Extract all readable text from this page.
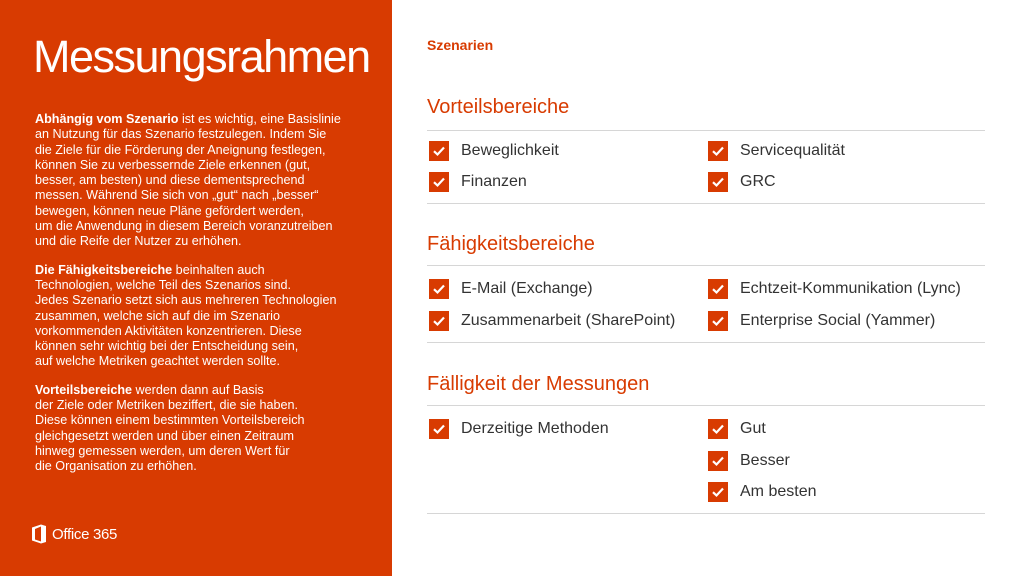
Messungsrahmen

Abhängig vom Szenario ist es wichtig, eine Basislinie
an Nutzung für das Szenario festzulegen. Indem Sie
die Ziele für die Förderung der Aneignung festlegen,
können Sie zu verbessernde Ziele erkennen (gut,
besser, am besten) und diese dementsprechend
messen. Während Sie sich von „gut“ nach „besser“
bewegen, können neue Pläne gefördert werden,
um die Anwendung in diesem Bereich voranzutreiben
und die Reife der Nutzer zu erhöhen.

Die Fähigkeitsbereiche beinhalten auch
Technologien, welche Teil des Szenarios sind.
Jedes Szenario setzt sich aus mehreren Technologien
zusammen, welche sich auf die im Szenario
vorkommenden Aktivitäten konzentrieren. Diese
können sehr wichtig bei der Entscheidung sein,
auf welche Metriken geachtet werden sollte.

Vorteilsbereiche werden dann auf Basis
der Ziele oder Metriken beziffert, die sie haben.
Diese können einem bestimmten Vorteilsbereich
gleichgesetzt werden und über einen Zeitraum
hinweg gemessen werden, um deren Wert für
die Organisation zu erhöhen.

Office 365
Szenarien
Vorteilsbereiche
Beweglichkeit
Finanzen
Servicequalität
GRC
Fähigkeitsbereiche
E-Mail (Exchange)
Zusammenarbeit (SharePoint)
Echtzeit-Kommunikation (Lync)
Enterprise Social (Yammer)
Fälligkeit der Messungen
Derzeitige Methoden	Gut
Besser
Am besten
